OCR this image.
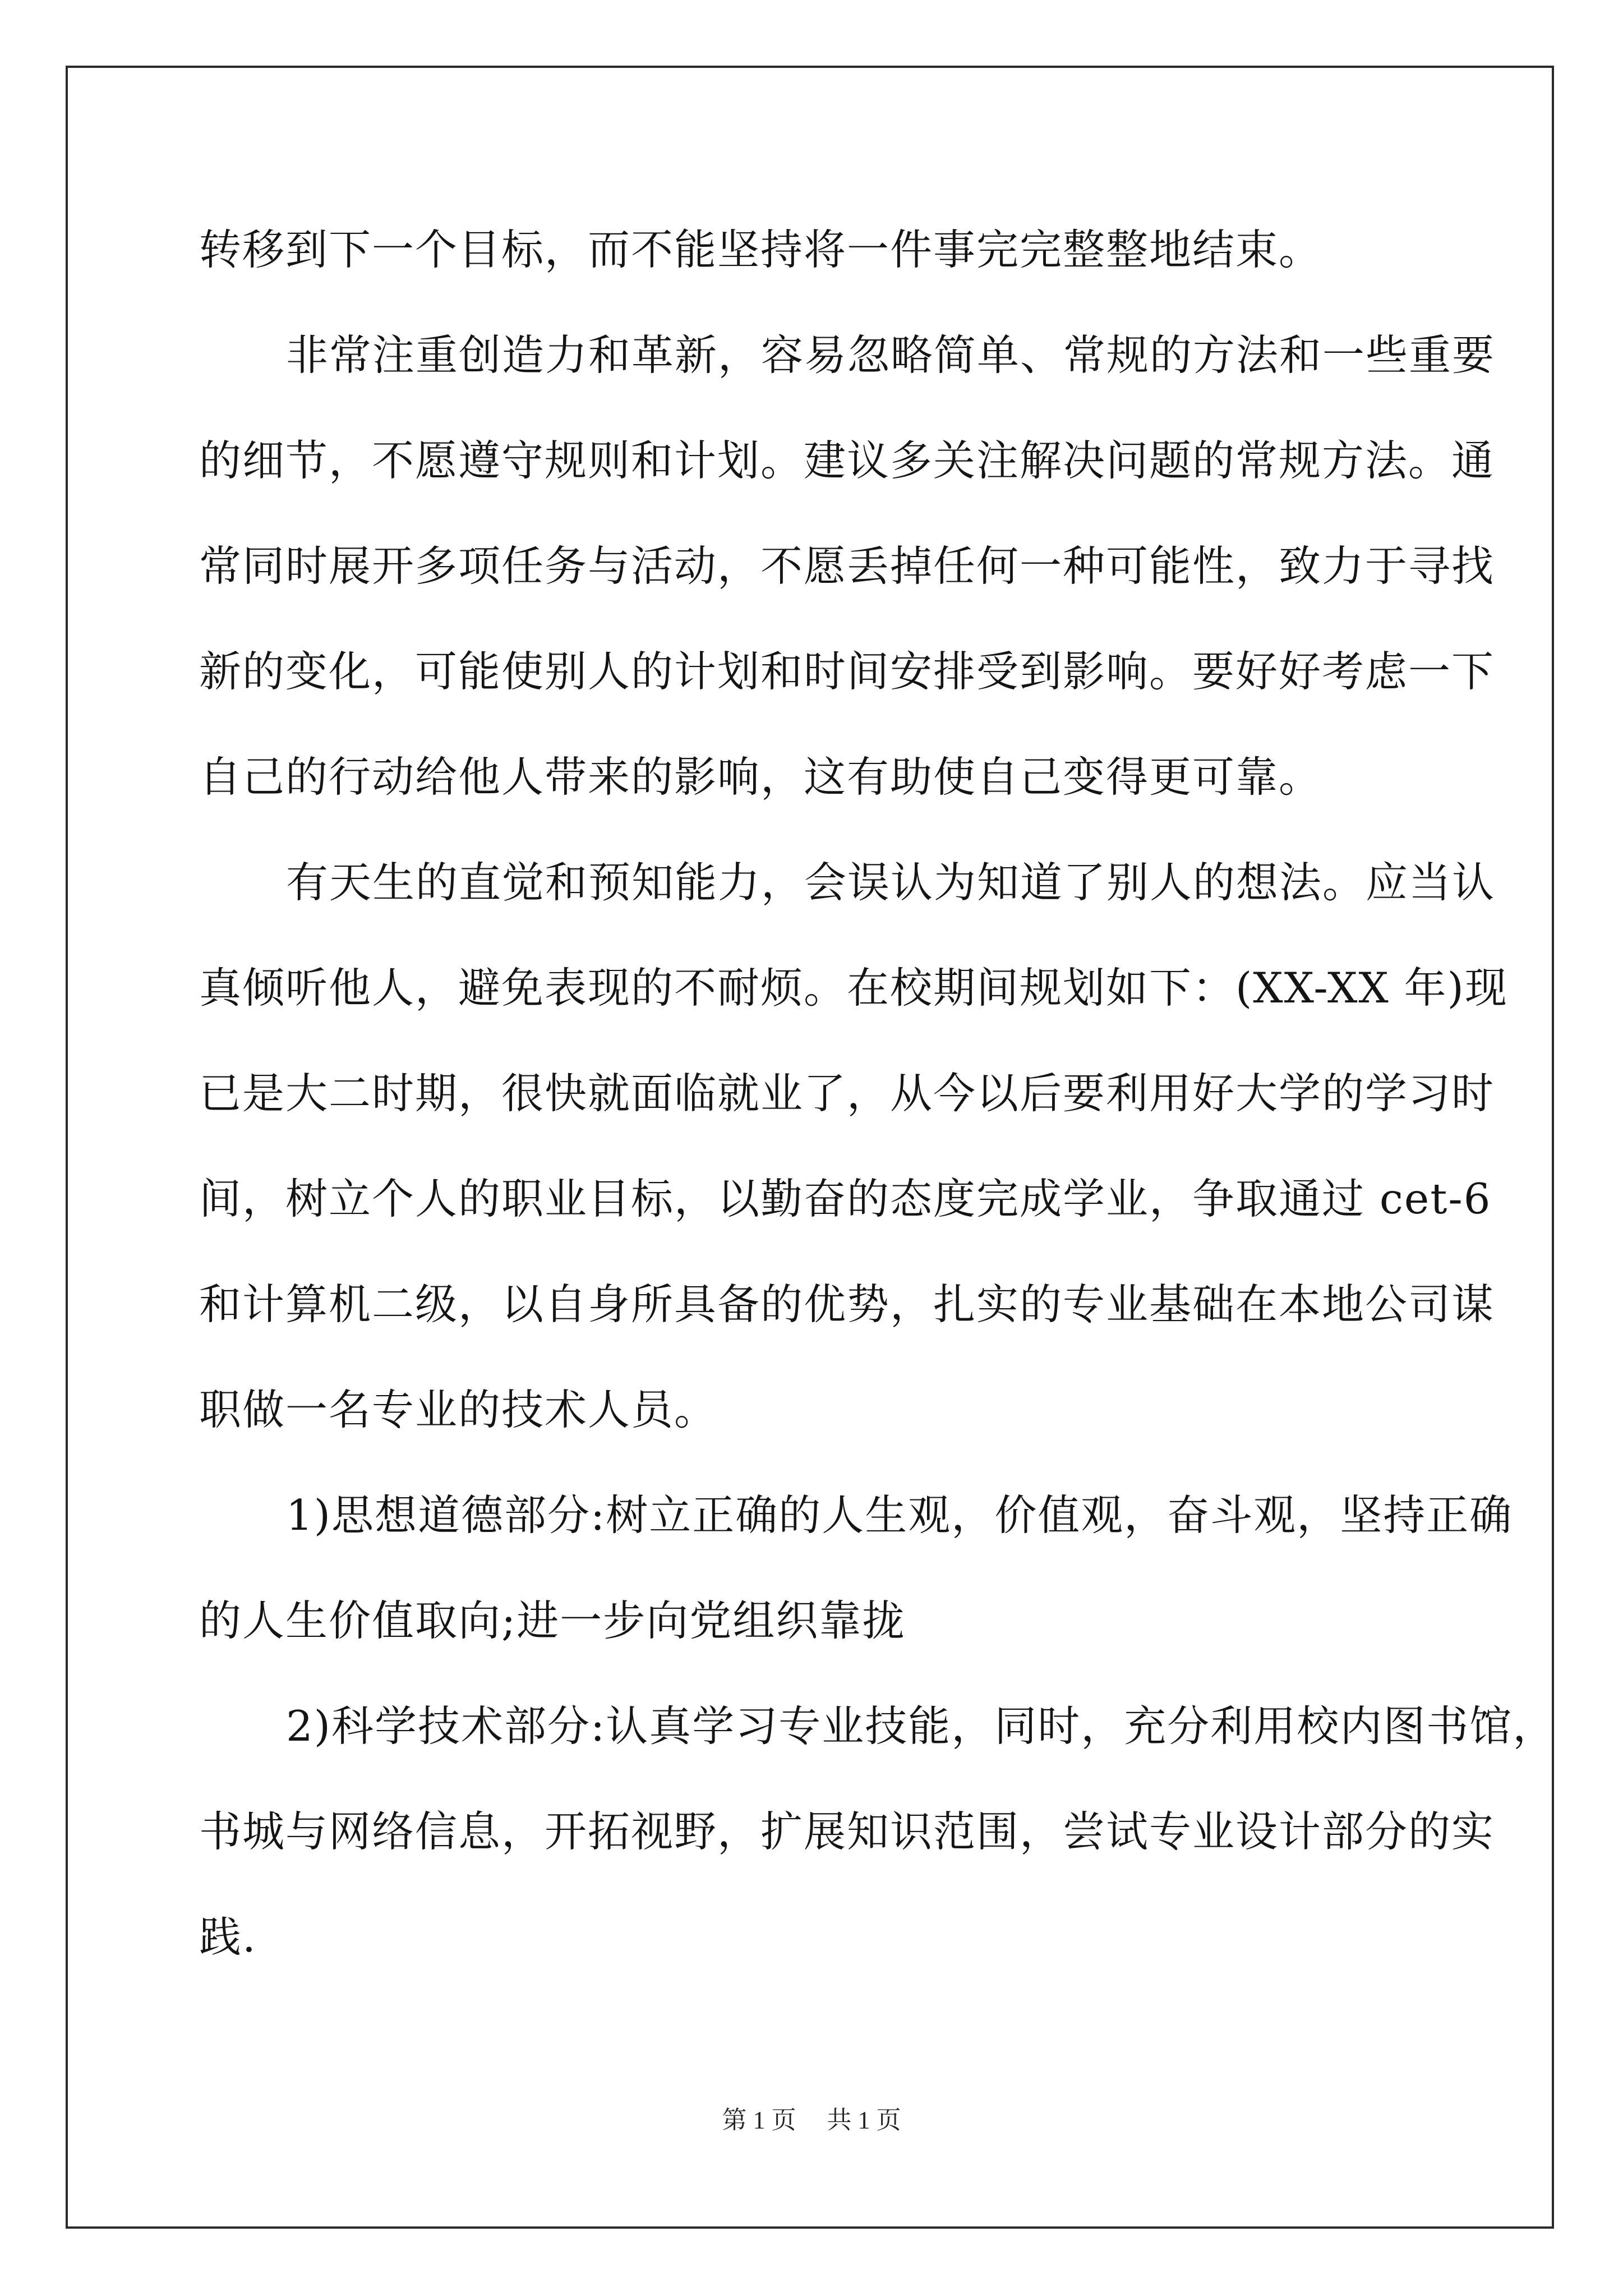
转移到下一个目标，而不能坚持将一件事完完整整地结束。
非常注重创造力和革新，容易忽略简单、常规的方法和一些重要
的细节，不愿遵守规则和计划。建议多关注解决问题的常规方法。通
常同时展开多项任务与活动，不愿丢掉任何一种可能性，致力于寻找
新的变化，可能使别人的计划和时间安排受到影响。要好好考虑一下
自己的行动给他人带来的影响，这有助使自己变得更可靠。
有天生的直觉和预知能力，会误认为知道了别人的想法。应当认
真倾听他人，避免表现的不耐烦。在校期间规划如下：(XX-XX 年)现
已是大二时期，很快就面临就业了，从今以后要利用好大学的学习时
间，树立个人的职业目标，以勤奋的态度完成学业，争取通过 cet-6
和计算机二级，以自身所具备的优势，扎实的专业基础在本地公司谋
职做一名专业的技术人员。
1)思想道德部分:树立正确的人生观，价值观，奋斗观，坚持正确
的人生价值取向;进一步向党组织靠拢
2)科学技术部分:认真学习专业技能，同时，充分利用校内图书馆，
书城与网络信息，开拓视野，扩展知识范围，尝试专业设计部分的实
践.
第 1 页 共 1 页
